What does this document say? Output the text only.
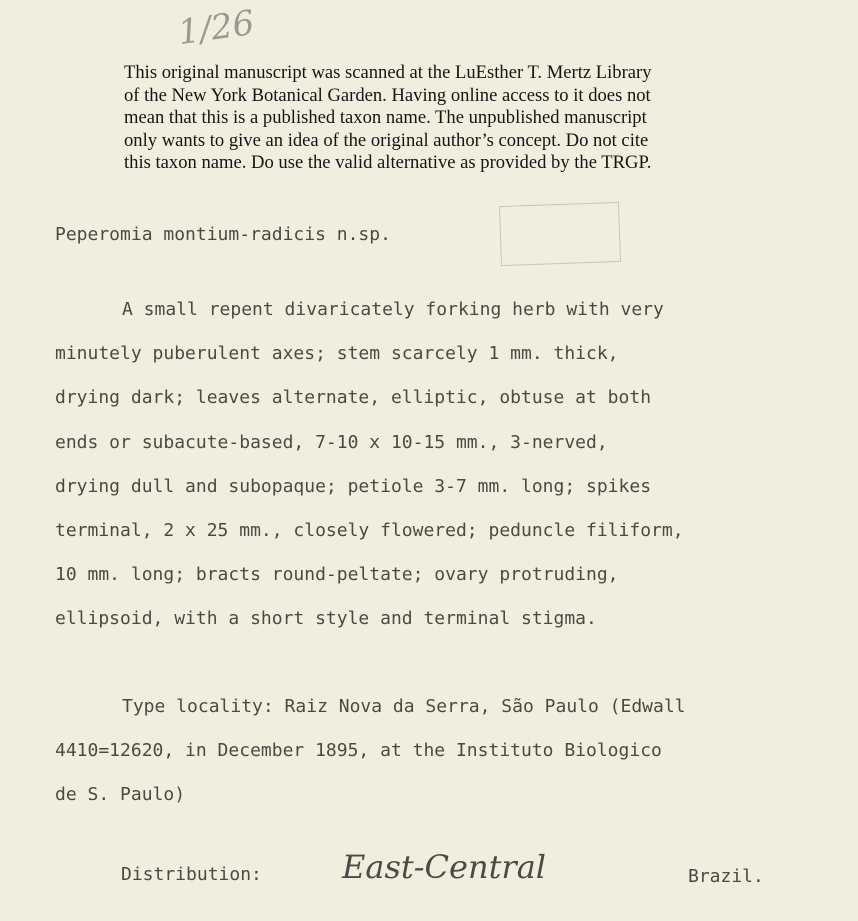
1/26
This original manuscript was scanned at the LuEsther T. Mertz Library
of the New York Botanical Garden. Having online access to it does not
mean that this is a published taxon name. The unpublished manuscript
only wants to give an idea of the original author’s concept. Do not cite
this taxon name. Do use the valid alternative as provided by the TRGP.
Peperomia montium-radicis n.sp.
A small repent divaricately forking herb with very
minutely puberulent axes; stem scarcely 1 mm. thick,
drying dark; leaves alternate, elliptic, obtuse at both
ends or subacute-based, 7-10 x 10-15 mm., 3-nerved,
drying dull and subopaque; petiole 3-7 mm. long; spikes
terminal, 2 x 25 mm., closely flowered; peduncle filiform,
10 mm. long; bracts round-peltate; ovary protruding,
ellipsoid, with a short style and terminal stigma.
Type locality: Raiz Nova da Serra, São Paulo (Edwall
4410=12620, in December 1895, at the Instituto Biologico
de S. Paulo)
Distribution:	East-Central	Brazil.
